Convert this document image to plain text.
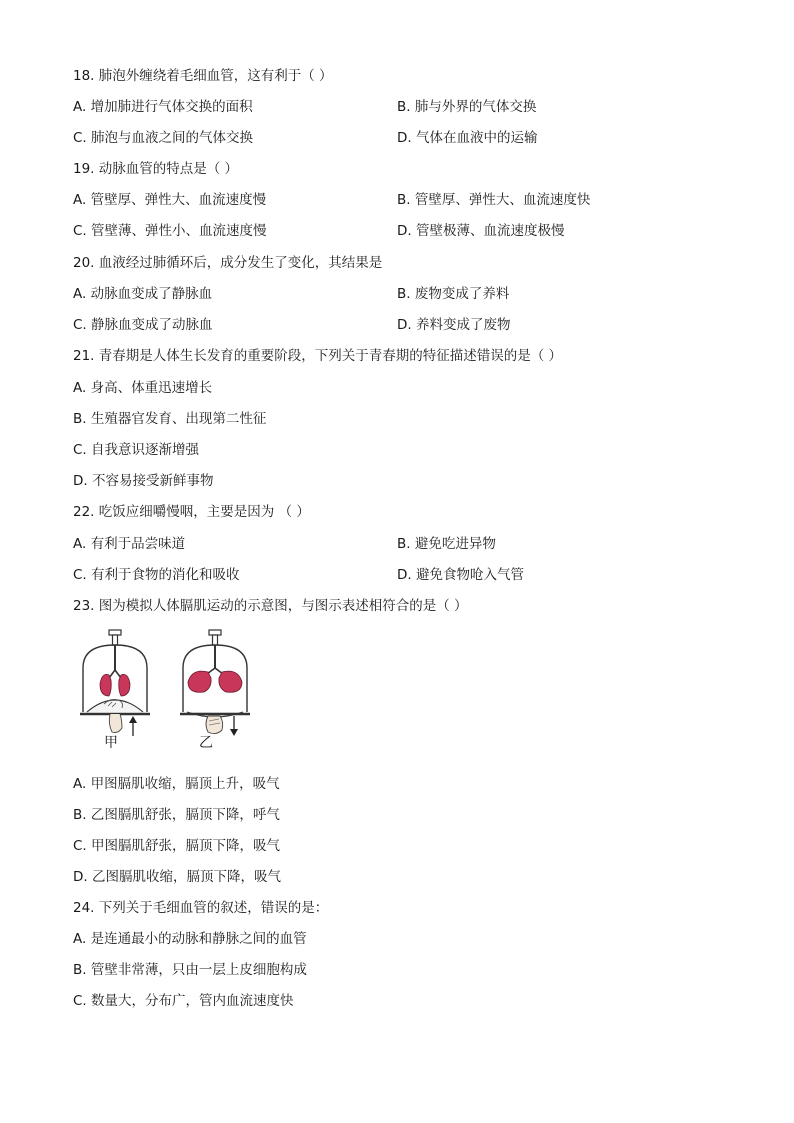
18. 肺泡外缠绕着毛细血管，这有利于（ ）
A. 增加肺进行气体交换的面积	B. 肺与外界的气体交换
C. 肺泡与血液之间的气体交换	D. 气体在血液中的运输
19. 动脉血管的特点是（ ）
A. 管壁厚、弹性大、血流速度慢	B. 管壁厚、弹性大、血流速度快
C. 管壁薄、弹性小、血流速度慢	D. 管壁极薄、血流速度极慢
20. 血液经过肺循环后，成分发生了变化，其结果是
A. 动脉血变成了静脉血	B. 废物变成了养料
C. 静脉血变成了动脉血	D. 养料变成了废物
21. 青春期是人体生长发育的重要阶段，下列关于青春期的特征描述错误的是（ ）
A. 身高、体重迅速增长
B. 生殖器官发育、出现第二性征
C. 自我意识逐渐增强
D. 不容易接受新鲜事物
22. 吃饭应细嚼慢咽，主要是因为 （ ）
A. 有利于品尝味道	B. 避免吃进异物
C. 有利于食物的消化和吸收	D. 避免食物呛入气管
23. 图为模拟人体膈肌运动的示意图，与图示表述相符合的是（ ）
甲	乙
A. 甲图膈肌收缩，膈顶上升，吸气
B. 乙图膈肌舒张，膈顶下降，呼气
C. 甲图膈肌舒张，膈顶下降，吸气
D. 乙图膈肌收缩，膈顶下降，吸气
24. 下列关于毛细血管的叙述，错误的是：
A. 是连通最小的动脉和静脉之间的血管
B. 管壁非常薄，只由一层上皮细胞构成
C. 数量大，分布广，管内血流速度快
